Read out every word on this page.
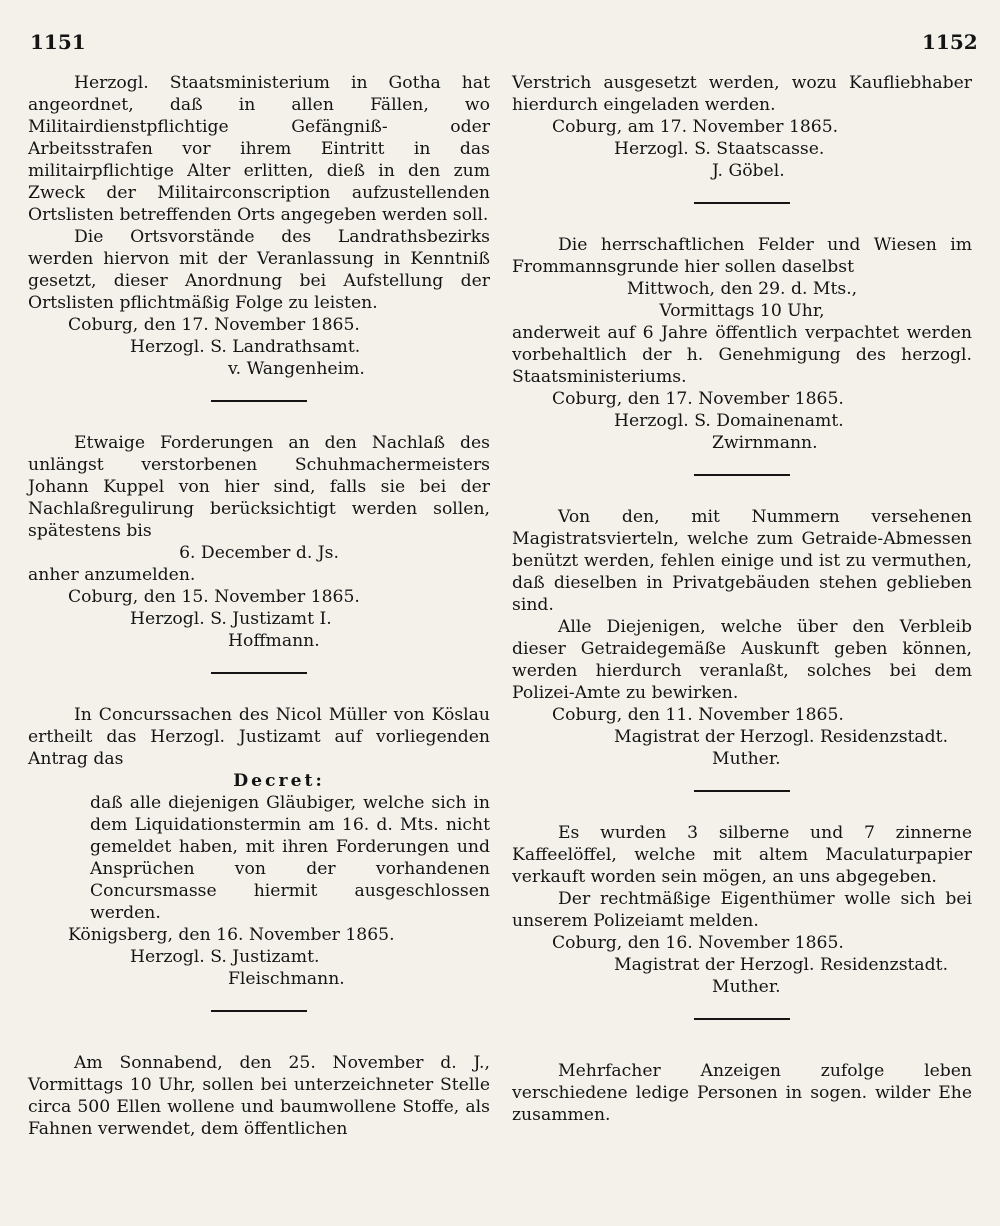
1151	1152
Herzogl. Staatsministerium in Gotha hat angeordnet, daß in allen Fällen, wo Militairdienstpflichtige Gefängniß- oder Arbeitsstrafen vor ihrem Eintritt in das militairpflichtige Alter erlitten, dieß in den zum Zweck der Militairconscription aufzustellenden Ortslisten betreffenden Orts angegeben werden soll.
Die Ortsvorstände des Landrathsbezirks werden hiervon mit der Veranlassung in Kenntniß gesetzt, dieser Anordnung bei Aufstellung der Ortslisten pflichtmäßig Folge zu leisten.
Coburg, den 17. November 1865.
Herzogl. S. Landrathsamt.
v. Wangenheim.
Etwaige Forderungen an den Nachlaß des unlängst verstorbenen Schuhmachermeisters Johann Kuppel von hier sind, falls sie bei der Nachlaßregulirung berücksichtigt werden sollen, spätestens bis
6. December d. Js.
anher anzumelden.
Coburg, den 15. November 1865.
Herzogl. S. Justizamt I.
Hoffmann.
In Concurssachen des Nicol Müller von Köslau ertheilt das Herzogl. Justizamt auf vorliegenden Antrag das
Decret:
daß alle diejenigen Gläubiger, welche sich in dem Liquidationstermin am 16. d. Mts. nicht gemeldet haben, mit ihren Forderungen und Ansprüchen von der vorhandenen Concursmasse hiermit ausgeschlossen werden.
Königsberg, den 16. November 1865.
Herzogl. S. Justizamt.
Fleischmann.
Am Sonnabend, den 25. November d. J., Vormittags 10 Uhr, sollen bei unterzeichneter Stelle circa 500 Ellen wollene und baumwollene Stoffe, als Fahnen verwendet, dem öffentlichen
Verstrich ausgesetzt werden, wozu Kaufliebhaber hierdurch eingeladen werden.
Coburg, am 17. November 1865.
Herzogl. S. Staatscasse.
J. Göbel.
Die herrschaftlichen Felder und Wiesen im Frommannsgrunde hier sollen daselbst
Mittwoch, den 29. d. Mts.,
Vormittags 10 Uhr,
anderweit auf 6 Jahre öffentlich verpachtet werden vorbehaltlich der h. Genehmigung des herzogl. Staatsministeriums.
Coburg, den 17. November 1865.
Herzogl. S. Domainenamt.
Zwirnmann.
Von den, mit Nummern versehenen Magistratsvierteln, welche zum Getraide-Abmessen benützt werden, fehlen einige und ist zu vermuthen, daß dieselben in Privatgebäuden stehen geblieben sind.
Alle Diejenigen, welche über den Verbleib dieser Getraidegemäße Auskunft geben können, werden hierdurch veranlaßt, solches bei dem Polizei-Amte zu bewirken.
Coburg, den 11. November 1865.
Magistrat der Herzogl. Residenzstadt.
Muther.
Es wurden 3 silberne und 7 zinnerne Kaffeelöffel, welche mit altem Maculaturpapier verkauft worden sein mögen, an uns abgegeben.
Der rechtmäßige Eigenthümer wolle sich bei unserem Polizeiamt melden.
Coburg, den 16. November 1865.
Magistrat der Herzogl. Residenzstadt.
Muther.
Mehrfacher Anzeigen zufolge leben verschiedene ledige Personen in sogen. wilder Ehe zusammen.
